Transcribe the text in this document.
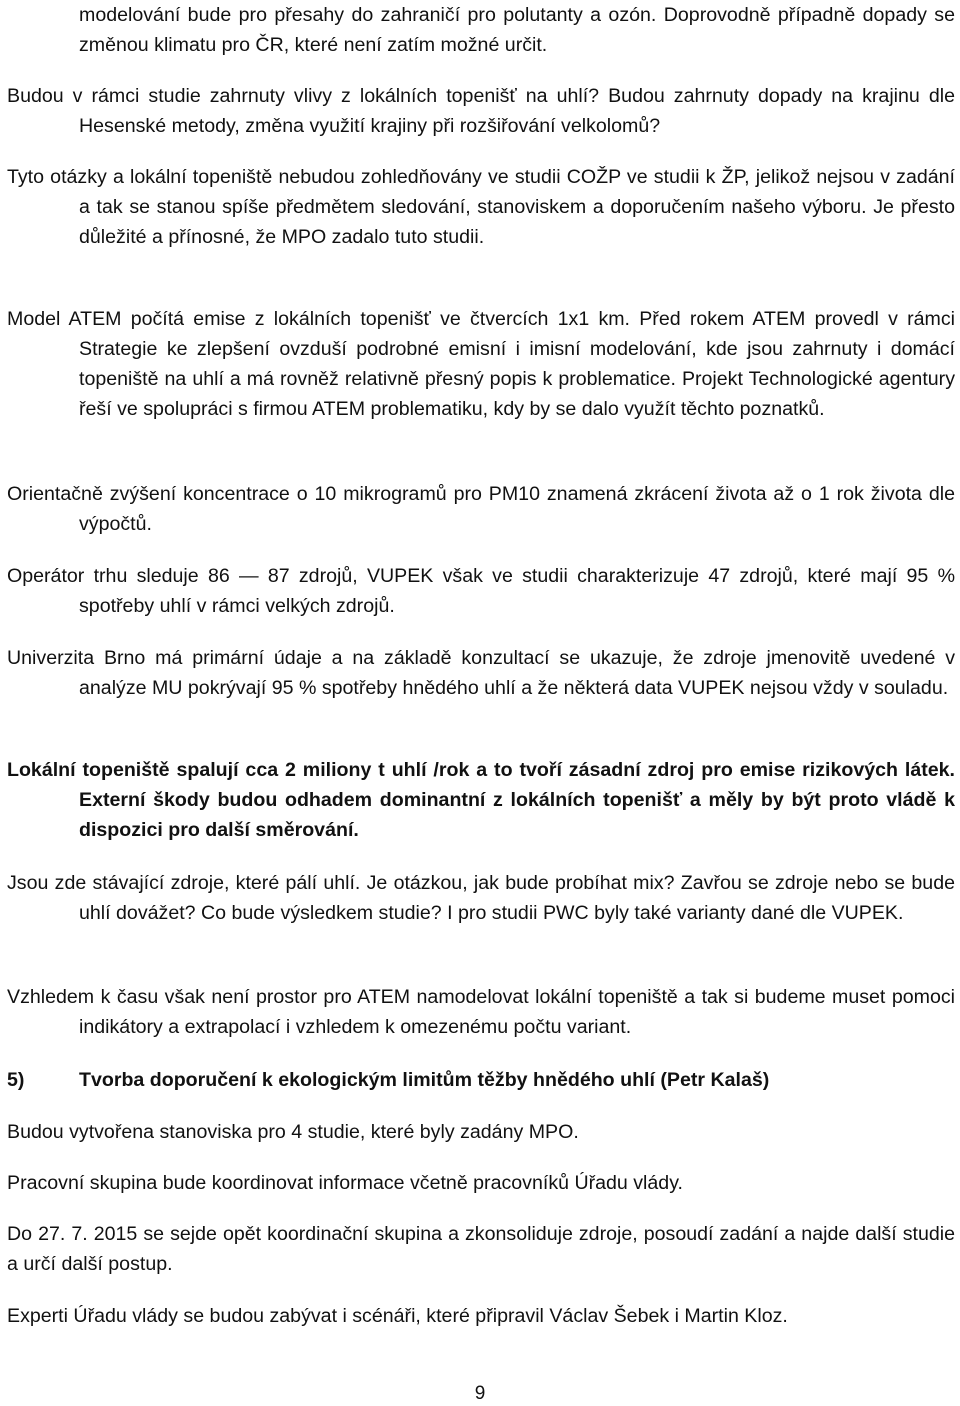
modelování bude pro přesahy do zahraničí pro polutanty a ozón. Doprovodně případně dopady se změnou klimatu pro ČR, které není zatím možné určit.

Budou v rámci studie zahrnuty vlivy z lokálních topenišť na uhlí? Budou zahrnuty dopady na krajinu dle Hesenské metody, změna využití krajiny při rozšiřování velkolomů?

Tyto otázky a lokální topeniště nebudou zohledňovány ve studii COŽP ve studii k ŽP, jelikož nejsou v zadání a tak se stanou spíše předmětem sledování, stanoviskem a doporučením našeho výboru. Je přesto důležité a přínosné, že MPO zadalo tuto studii.

Model ATEM počítá emise z lokálních topenišť ve čtvercích 1x1 km. Před rokem ATEM provedl v rámci Strategie ke zlepšení ovzduší podrobné emisní i imisní modelování, kde jsou zahrnuty i domácí topeniště na uhlí a má rovněž relativně přesný popis k problematice. Projekt Technologické agentury řeší ve spolupráci s firmou ATEM problematiku, kdy by se dalo využít těchto poznatků.

Orientačně zvýšení koncentrace o 10 mikrogramů pro PM10 znamená zkrácení života až o 1 rok života dle výpočtů.

Operátor trhu sleduje 86 — 87 zdrojů, VUPEK však ve studii charakterizuje 47 zdrojů, které mají 95 % spotřeby uhlí v rámci velkých zdrojů.

Univerzita Brno má primární údaje a na základě konzultací se ukazuje, že zdroje jmenovitě uvedené v analýze MU pokrývají 95 % spotřeby hnědého uhlí a že některá data VUPEK nejsou vždy v souladu.

Lokální topeniště spalují cca 2 miliony t uhlí /rok a to tvoří zásadní zdroj pro emise rizikových látek. Externí škody budou odhadem dominantní z lokálních topenišť a měly by být proto vládě k dispozici pro další směrování.

Jsou zde stávající zdroje, které pálí uhlí. Je otázkou, jak bude probíhat mix? Zavřou se zdroje nebo se bude uhlí dovážet? Co bude výsledkem studie? I pro studii PWC byly také varianty dané dle VUPEK.

Vzhledem k času však není prostor pro ATEM namodelovat lokální topeniště a tak si budeme muset pomoci indikátory a extrapolací i vzhledem k omezenému počtu variant.

5)	Tvorba doporučení k ekologickým limitům těžby hnědého uhlí (Petr Kalaš)

Budou vytvořena stanoviska pro 4 studie, které byly zadány MPO.

Pracovní skupina bude koordinovat informace včetně pracovníků Úřadu vlády.

Do 27. 7. 2015 se sejde opět koordinační skupina a zkonsoliduje zdroje, posoudí zadání a najde další studie a určí další postup.

Experti Úřadu vlády se budou zabývat i scénáři, které připravil Václav Šebek i Martin Kloz.

9
